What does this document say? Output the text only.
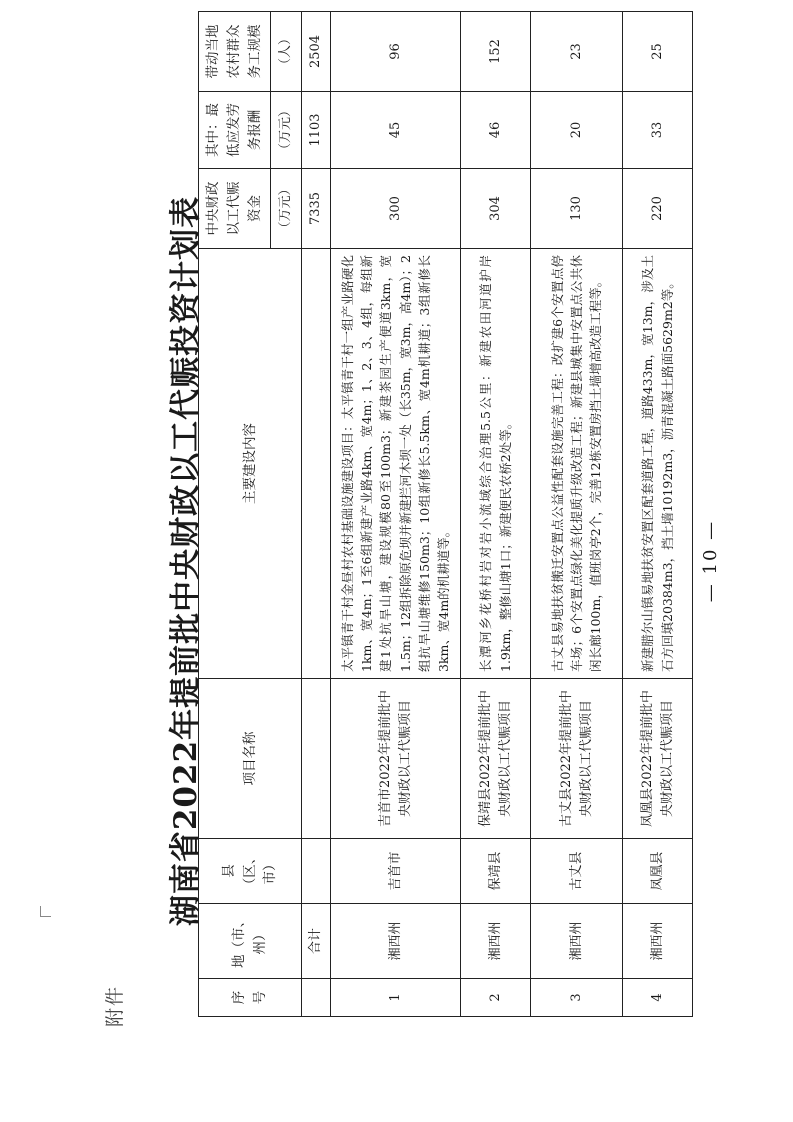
附件
湖南省2022年提前批中央财政以工代赈投资计划表
序号	地（市、州）	县（区、市）	项目名称	主要建设内容	中央财政以工代赈资金	其中：最低应发劳务报酬	带动当地农村群众务工规模
					（万元）	（万元）	（人）
	合计				7335	1103	2504
1	湘西州	吉首市	吉首市2022年提前批中央财政以工代赈项目	太平镇青干村金昼村农村基础设施建设项目：太平镇青干村一组产业路硬化1km、宽4m；1至6组新建产业路4km、宽4m；1、2、3、4组，每组新建1处抗旱山塘，建设规模80至100m3；新建茶园生产便道3km，宽1.5m；12组拆除原危坝并新建拦河木坝一处（长35m，宽3m，高4m）；2组抗旱山塘维修150m3；10组新修长5.5km、宽4m机耕道；3组新修长3km、宽4m的机耕道等。	300	45	96
2	湘西州	保靖县	保靖县2022年提前批中央财政以工代赈项目	长潭河乡花桥村岩对岩小流域综合治理5.5公里：新建农田河道护岸1.9km，整修山塘1口；新建便民农桥2处等。	304	46	152
3	湘西州	古丈县	古丈县2022年提前批中央财政以工代赈项目	古丈县易地扶贫搬迁安置点公益性配套设施完善工程：改扩建6个安置点停车场；6个安置点绿化美化提质升级改造工程；新建县城集中安置点公共休闲长廊100m，值班岗亭2个，完善12栋安置房挡土墙增高改造工程等。	130	20	23
4	湘西州	凤凰县	凤凰县2022年提前批中央财政以工代赈项目	新建腊尔山镇易地扶贫安置区配套道路工程，道路433m，宽13m，涉及土石方回填20384m3，挡土墙10192m3，沥青混凝土路面5629m2等。	220	33	25
— 10 —
